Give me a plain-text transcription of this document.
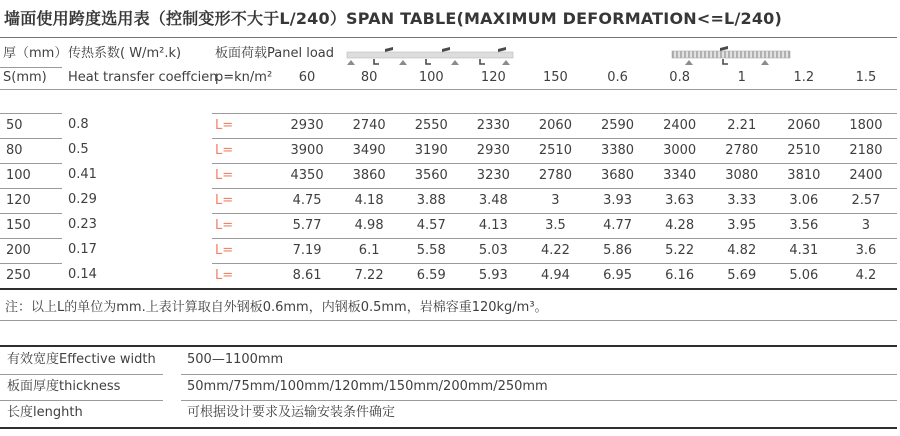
墙面使用跨度选用表（控制变形不大于L/240）SPAN TABLE(MAXIMUM DEFORMATION<=L/240)
厚（mm） 传热系数( W/m².k)	板面荷载Panel load
S(mm)	Heat transfer coeffcien
p=kn/m²	60	80	100	120	150	0.6	0.8	1	1.2	1.5
50	0.8	L=	2930	2740	2550	2330	2060	2590	2400	2.21	2060	1800
80	0.5	L=	3900	3490	3190	2930	2510	3380	3000	2780	2510	2180
100	0.41	L=	4350	3860	3560	3230	2780	3680	3340	3080	3810	2400
120	0.29	L=	4.75	4.18	3.88	3.48	3	3.93	3.63	3.33	3.06	2.57
150	0.23	L=	5.77	4.98	4.57	4.13	3.5	4.77	4.28	3.95	3.56	3
200	0.17	L=	7.19	6.1	5.58	5.03	4.22	5.86	5.22	4.82	4.31	3.6
250	0.14	L=	8.61	7.22	6.59	5.93	4.94	6.95	6.16	5.69	5.06	4.2
注：以上L的单位为mm.上表计算取自外钢板0.6mm，内钢板0.5mm，岩棉容重120kg/m³。
有效宽度Effective width	500—1100mm
板面厚度thickness	50mm/75mm/100mm/120mm/150mm/200mm/250mm
长度lenghth	可根据设计要求及运输安装条件确定
